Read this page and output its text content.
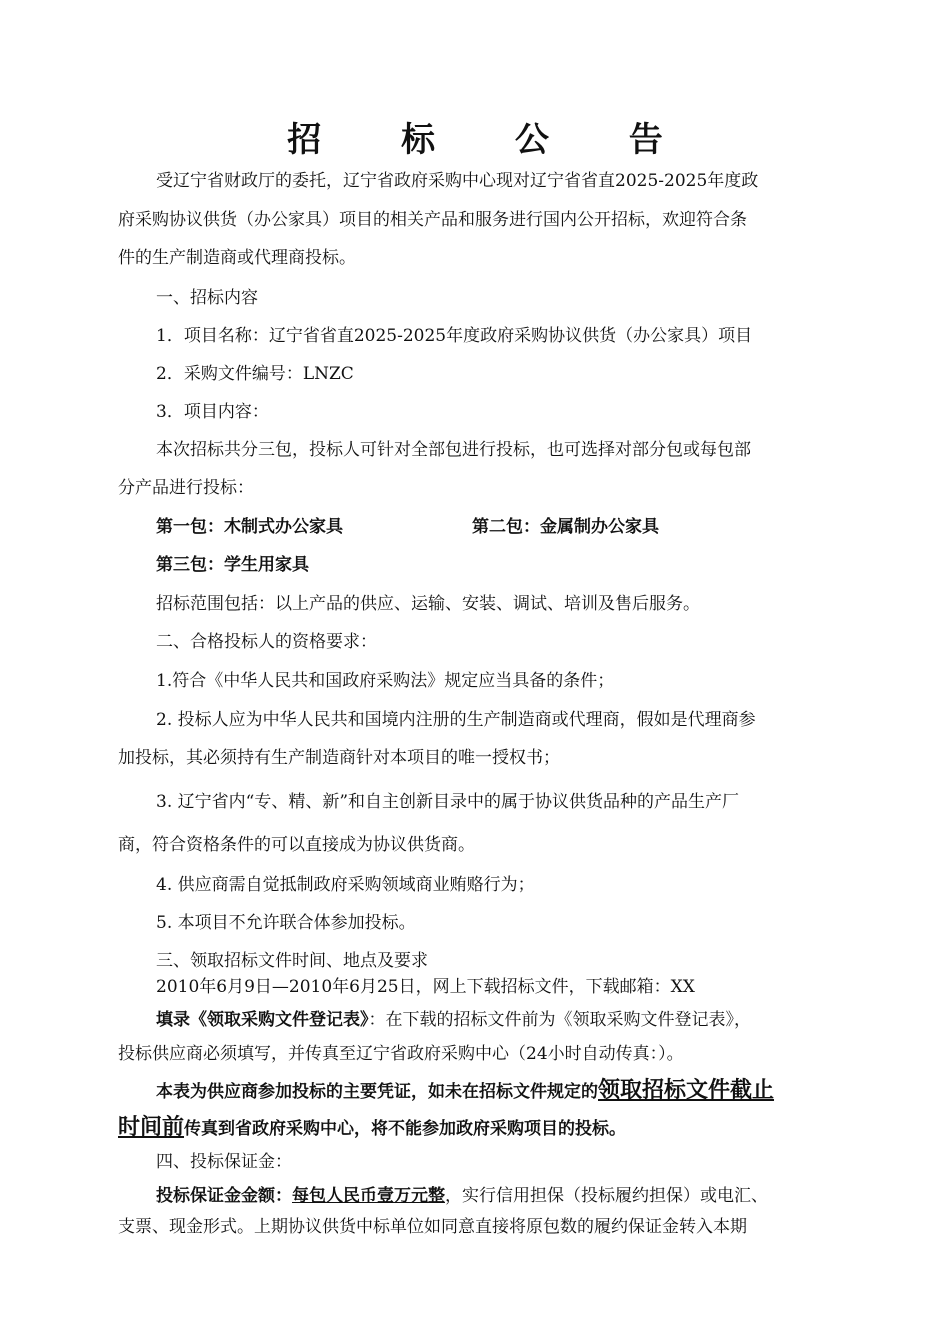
招 标 公 告
受辽宁省财政厅的委托，辽宁省政府采购中心现对辽宁省省直2025-2025年度政
府采购协议供货（办公家具）项目的相关产品和服务进行国内公开招标，欢迎符合条
件的生产制造商或代理商投标。
一、招标内容
1．项目名称：辽宁省省直2025-2025年度政府采购协议供货（办公家具）项目
2．采购文件编号：LNZC
3．项目内容：
本次招标共分三包，投标人可针对全部包进行投标，也可选择对部分包或每包部
分产品进行投标：
第一包：木制式办公家具	第二包：金属制办公家具
第三包：学生用家具
招标范围包括：以上产品的供应、运输、安装、调试、培训及售后服务。
二、合格投标人的资格要求：
1.符合《中华人民共和国政府采购法》规定应当具备的条件；
2. 投标人应为中华人民共和国境内注册的生产制造商或代理商，假如是代理商参
加投标，其必须持有生产制造商针对本项目的唯一授权书；
3. 辽宁省内“专、精、新”和自主创新目录中的属于协议供货品种的产品生产厂
商，符合资格条件的可以直接成为协议供货商。
4. 供应商需自觉抵制政府采购领域商业贿赂行为；
5. 本项目不允许联合体参加投标。
三、领取招标文件时间、地点及要求
2010年6月9日—2010年6月25日，网上下载招标文件，下载邮箱：XX
填录《领取采购文件登记表》：在下载的招标文件前为《领取采购文件登记表》，
投标供应商必须填写，并传真至辽宁省政府采购中心（24小时自动传真：）。
本表为供应商参加投标的主要凭证，如未在招标文件规定的领取招标文件截止
时间前传真到省政府采购中心，将不能参加政府采购项目的投标。
四、投标保证金：
投标保证金金额：每包人民币壹万元整，实行信用担保（投标履约担保）或电汇、
支票、现金形式。上期协议供货中标单位如同意直接将原包数的履约保证金转入本期
